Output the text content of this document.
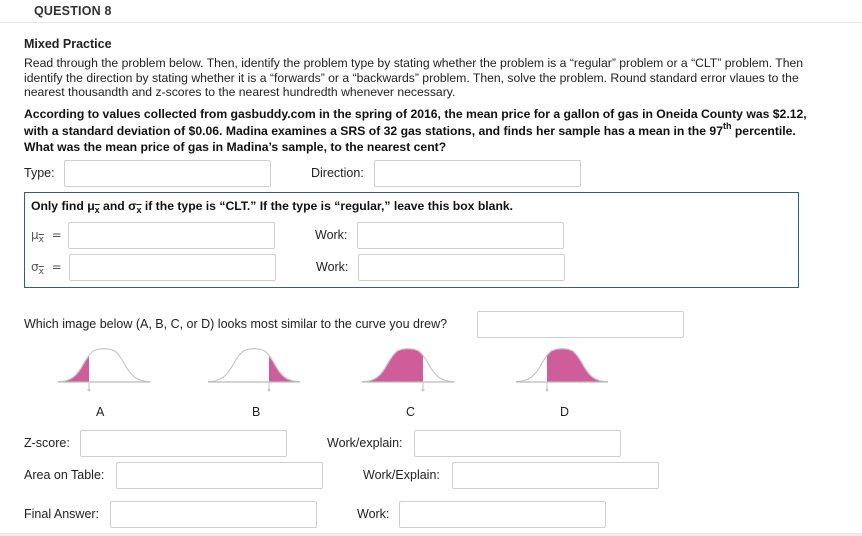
QUESTION 8
Mixed Practice
Read through the problem below. Then, identify the problem type by stating whether the problem is a “regular” problem or a “CLT” problem. Then identify the direction by stating whether it is a “forwards” or a “backwards” problem. Then, solve the problem. Round standard error vlaues to the nearest thousandth and z-scores to the nearest hundredth whenever necessary.
According to values collected from gasbuddy.com in the spring of 2016, the mean price for a gallon of gas in Oneida County was $2.12, with a standard deviation of $0.06. Madina examines a SRS of 32 gas stations, and finds her sample has a mean in the 97th percentile. What was the mean price of gas in Madina’s sample, to the nearest cent?
Type:	Direction:
Only find $\mu_{\overline{x}}$ and $\sigma_{\overline{x}}$ if the type is “CLT.” If the type is “regular,” leave this box blank.
$\mu_{\overline{x}}$ =	Work:
$\sigma_{\overline{x}}$ =	Work:
Which image below (A, B, C, or D) looks most similar to the curve you drew?
A	B	C	D
Z-score:	Work/explain:
Area on Table:	Work/Explain:
Final Answer:	Work:
